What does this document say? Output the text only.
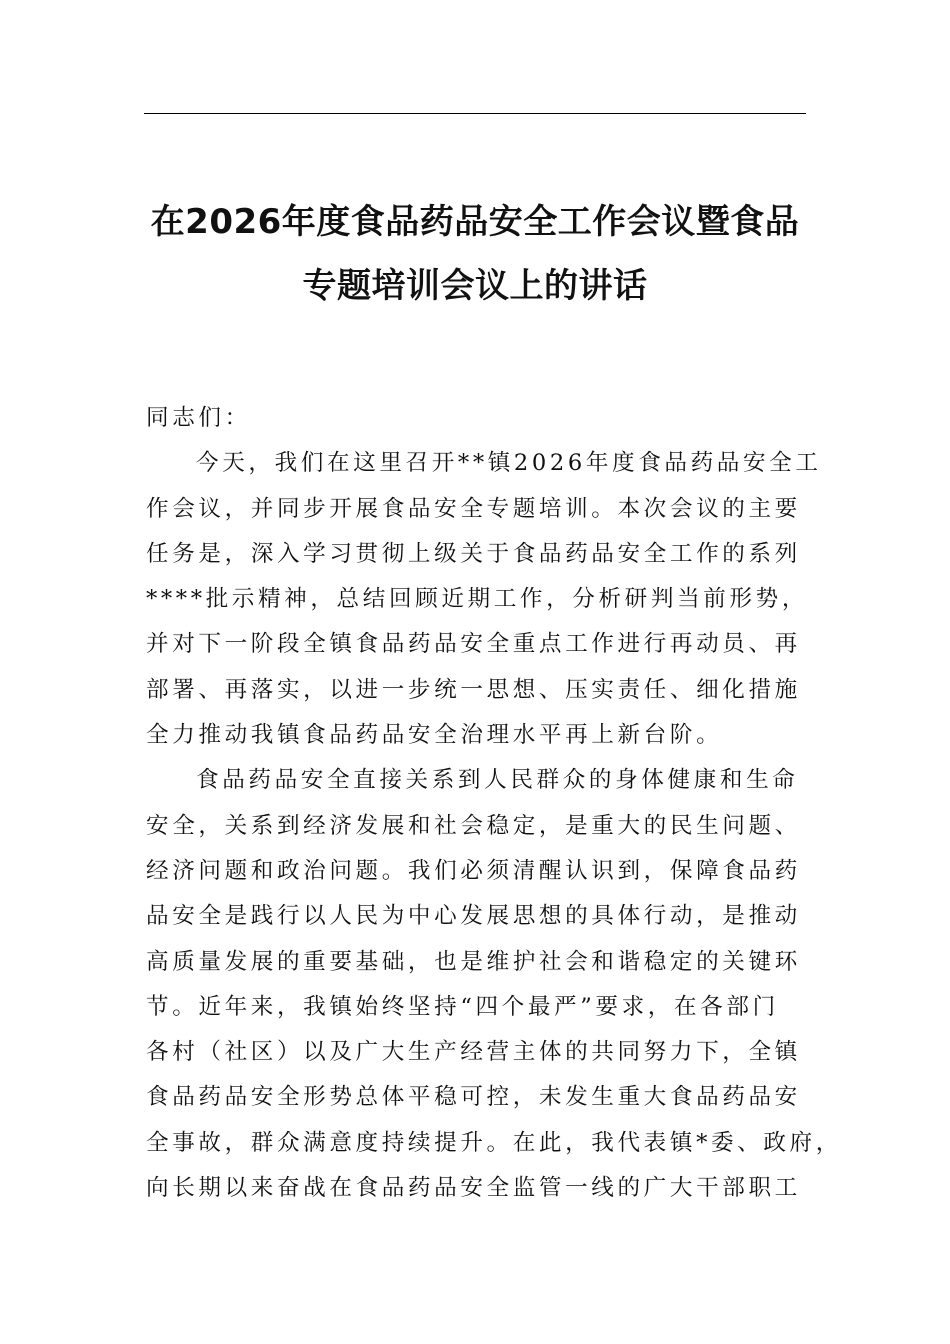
在2026年度食品药品安全工作会议暨食品
专题培训会议上的讲话
同志们：
今天，我们在这里召开**镇2026年度食品药品安全工
作会议，并同步开展食品安全专题培训。本次会议的主要
任务是，深入学习贯彻上级关于食品药品安全工作的系列
****批示精神，总结回顾近期工作，分析研判当前形势，
并对下一阶段全镇食品药品安全重点工作进行再动员、再
部署、再落实，以进一步统一思想、压实责任、细化措施
全力推动我镇食品药品安全治理水平再上新台阶。
食品药品安全直接关系到人民群众的身体健康和生命
安全，关系到经济发展和社会稳定，是重大的民生问题、
经济问题和政治问题。我们必须清醒认识到，保障食品药
品安全是践行以人民为中心发展思想的具体行动，是推动
高质量发展的重要基础，也是维护社会和谐稳定的关键环
节。近年来，我镇始终坚持“四个最严”要求，在各部门
各村（社区）以及广大生产经营主体的共同努力下，全镇
食品药品安全形势总体平稳可控，未发生重大食品药品安
全事故，群众满意度持续提升。在此，我代表镇*委、政府，
向长期以来奋战在食品药品安全监管一线的广大干部职工
